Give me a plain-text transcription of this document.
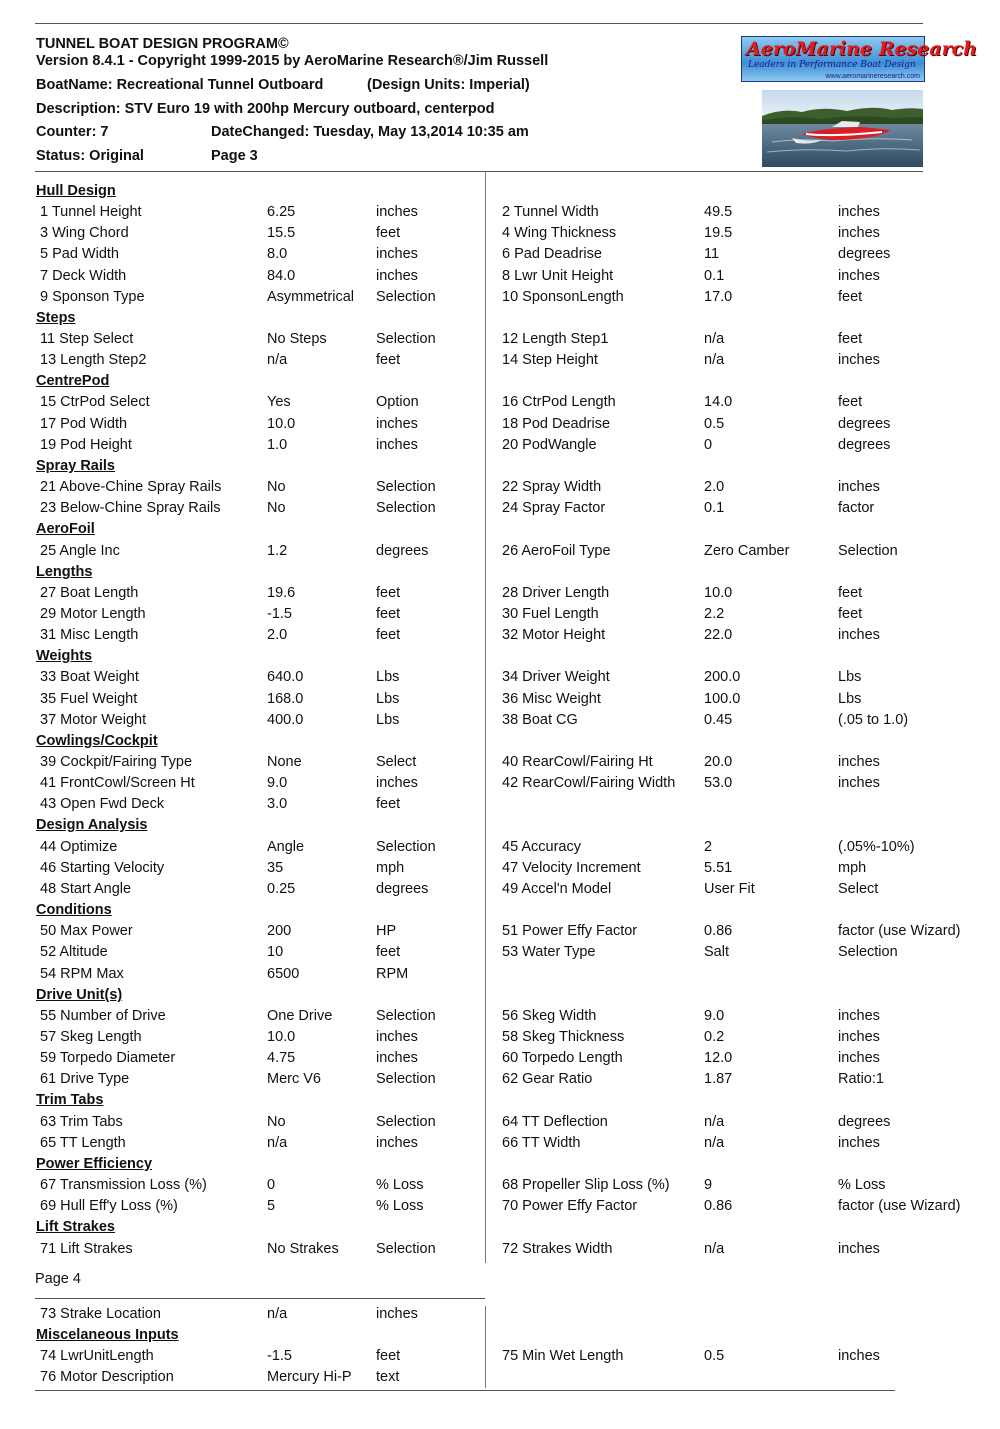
TUNNEL BOAT DESIGN PROGRAM©
Version 8.4.1 - Copyright 1999-2015 by AeroMarine Research®/Jim Russell
BoatName: Recreational Tunnel Outboard	(Design Units: Imperial)
Description: STV Euro 19 with 200hp Mercury outboard, centerpod
Counter: 7	DateChanged: Tuesday, May 13,2014 10:35 am
Status: Original	Page 3
AeroMarine Research
Leaders in Performance Boat Design
www.aeromarineresearch.com
Hull Design
1 Tunnel Height	6.25	inches	2 Tunnel Width	49.5	inches
3 Wing Chord	15.5	feet	4 Wing Thickness	19.5	inches
5 Pad Width	8.0	inches	6 Pad Deadrise	11	degrees
7 Deck Width	84.0	inches	8 Lwr Unit Height	0.1	inches
9 Sponson Type	Asymmetrical Selection	10 SponsonLength	17.0	feet
Steps
11 Step Select	No Steps	Selection	12 Length Step1	n/a	feet
13 Length Step2	n/a	feet	14 Step Height	n/a	inches
CentrePod
15 CtrPod Select	Yes	Option	16 CtrPod Length	14.0	feet
17 Pod Width	10.0	inches	18 Pod Deadrise	0.5	degrees
19 Pod Height	1.0	inches	20 PodWangle	0	degrees
Spray Rails
21 Above-Chine Spray Rails	No	Selection	22 Spray Width	2.0	inches
23 Below-Chine Spray Rails	No	Selection	24 Spray Factor	0.1	factor
AeroFoil
25 Angle Inc	1.2	degrees	26 AeroFoil Type	Zero Camber	Selection
Lengths
27 Boat Length	19.6	feet	28 Driver Length	10.0	feet
29 Motor Length	-1.5	feet	30 Fuel Length	2.2	feet
31 Misc Length	2.0	feet	32 Motor Height	22.0	inches
Weights
33 Boat Weight	640.0	Lbs	34 Driver Weight	200.0	Lbs
35 Fuel Weight	168.0	Lbs	36 Misc Weight	100.0	Lbs
37 Motor Weight	400.0	Lbs	38 Boat CG	0.45	(.05 to 1.0)
Cowlings/Cockpit
39 Cockpit/Fairing Type	None	Select	40 RearCowl/Fairing Ht	20.0	inches
41 FrontCowl/Screen Ht	9.0	inches	42 RearCowl/Fairing Width 53.0	inches
43 Open Fwd Deck	3.0	feet
Design Analysis
44 Optimize	Angle	Selection	45 Accuracy	2	(.05%-10%)
46 Starting Velocity	35	mph	47 Velocity Increment	5.51	mph
48 Start Angle	0.25	degrees	49 Accel'n Model	User Fit	Select
Conditions
50 Max Power	200	HP	51 Power Effy Factor	0.86	factor (use Wizard)
52 Altitude	10	feet	53 Water Type	Salt	Selection
54 RPM Max	6500	RPM
Drive Unit(s)
55 Number of Drive	One Drive	Selection	56 Skeg Width	9.0	inches
57 Skeg Length	10.0	inches	58 Skeg Thickness	0.2	inches
59 Torpedo Diameter	4.75	inches	60 Torpedo Length	12.0	inches
61 Drive Type	Merc V6	Selection	62 Gear Ratio	1.87	Ratio:1
Trim Tabs
63 Trim Tabs	No	Selection	64 TT Deflection	n/a	degrees
65 TT Length	n/a	inches	66 TT Width	n/a	inches
Power Efficiency
67 Transmission Loss (%)	0	% Loss	68 Propeller Slip Loss (%) 9	% Loss
69 Hull Eff'y Loss (%)	5	% Loss	70 Power Effy Factor	0.86	factor (use Wizard)
Lift Strakes
71 Lift Strakes	No Strakes	Selection	72 Strakes Width	n/a	inches
Page 4
73 Strake Location	n/a	inches
Miscelaneous Inputs
74 LwrUnitLength	-1.5	feet	75 Min Wet Length	0.5	inches
76 Motor Description	Mercury Hi-P text
